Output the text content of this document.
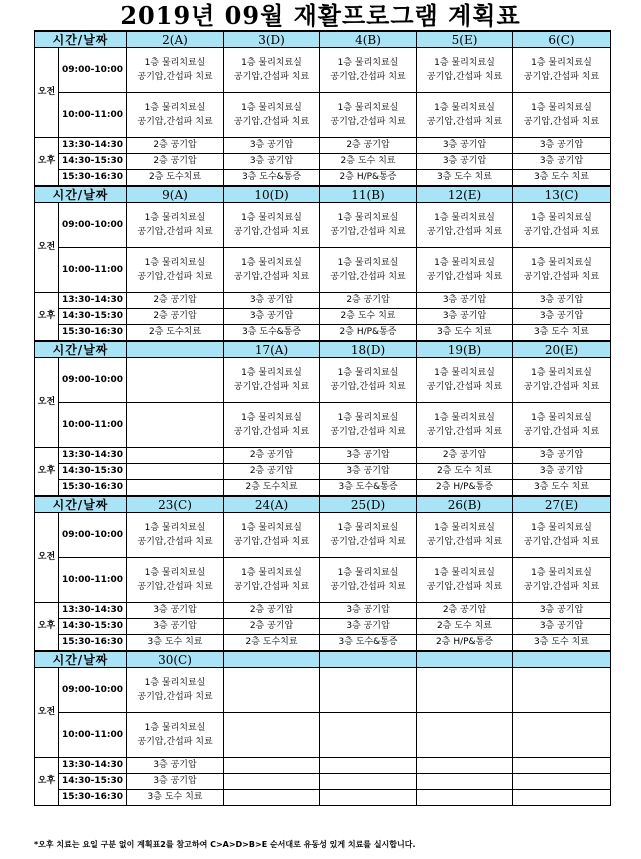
2019년 09월 재활프로그램 계획표
시간/날짜		2(A)	3(D)	4(B)	5(E)	6(C)
오전	09:00-10:00	1층 물리치료실
공기압,간섭파 치료	1층 물리치료실
공기압,간섭파 치료	1층 물리치료실
공기압,간섭파 치료	1층 물리치료실
공기압,간섭파 치료	1층 물리치료실
공기압,간섭파 치료

	10:00-11:00	1층 물리치료실
공기압,간섭파 치료	1층 물리치료실
공기압,간섭파 치료	1층 물리치료실
공기압,간섭파 치료	1층 물리치료실
공기압,간섭파 치료	1층 물리치료실
공기압,간섭파 치료

오후	13:30-14:30	2층 공기압	3층 공기압	2층 공기압	3층 공기압	3층 공기압
	14:30-15:30	2층 공기압	3층 공기압	2층 도수 치료	3층 공기압	3층 공기압
	15:30-16:30	2층 도수치료	3층 도수&통증	2층 H/P&통증	3층 도수 치료	3층 도수 치료
시간/날짜		9(A)	10(D)	11(B)	12(E)	13(C)
오전	09:00-10:00	1층 물리치료실
공기압,간섭파 치료	1층 물리치료실
공기압,간섭파 치료	1층 물리치료실
공기압,간섭파 치료	1층 물리치료실
공기압,간섭파 치료	1층 물리치료실
공기압,간섭파 치료

	10:00-11:00	1층 물리치료실
공기압,간섭파 치료	1층 물리치료실
공기압,간섭파 치료	1층 물리치료실
공기압,간섭파 치료	1층 물리치료실
공기압,간섭파 치료	1층 물리치료실
공기압,간섭파 치료

오후	13:30-14:30	2층 공기압	3층 공기압	2층 공기압	3층 공기압	3층 공기압
	14:30-15:30	2층 공기압	3층 공기압	2층 도수 치료	3층 공기압	3층 공기압
	15:30-16:30	2층 도수치료	3층 도수&통증	2층 H/P&통증	3층 도수 치료	3층 도수 치료
시간/날짜			17(A)	18(D)	19(B)	20(E)
오전	09:00-10:00		1층 물리치료실
공기압,간섭파 치료	1층 물리치료실
공기압,간섭파 치료	1층 물리치료실
공기압,간섭파 치료	1층 물리치료실
공기압,간섭파 치료

	10:00-11:00		1층 물리치료실
공기압,간섭파 치료	1층 물리치료실
공기압,간섭파 치료	1층 물리치료실
공기압,간섭파 치료	1층 물리치료실
공기압,간섭파 치료

오후	13:30-14:30		2층 공기압	3층 공기압	2층 공기압	3층 공기압
	14:30-15:30		2층 공기압	3층 공기압	2층 도수 치료	3층 공기압
	15:30-16:30		2층 도수치료	3층 도수&통증	2층 H/P&통증	3층 도수 치료
시간/날짜		23(C)	24(A)	25(D)	26(B)	27(E)
오전	09:00-10:00	1층 물리치료실
공기압,간섭파 치료	1층 물리치료실
공기압,간섭파 치료	1층 물리치료실
공기압,간섭파 치료	1층 물리치료실
공기압,간섭파 치료	1층 물리치료실
공기압,간섭파 치료

	10:00-11:00	1층 물리치료실
공기압,간섭파 치료	1층 물리치료실
공기압,간섭파 치료	1층 물리치료실
공기압,간섭파 치료	1층 물리치료실
공기압,간섭파 치료	1층 물리치료실
공기압,간섭파 치료

오후	13:30-14:30	3층 공기압	2층 공기압	3층 공기압	2층 공기압	3층 공기압
	14:30-15:30	3층 공기압	2층 공기압	3층 공기압	2층 도수 치료	3층 공기압
	15:30-16:30	3층 도수 치료	2층 도수치료	3층 도수&통증	2층 H/P&통증	3층 도수 치료
시간/날짜		30(C)				
오전	09:00-10:00	1층 물리치료실
공기압,간섭파 치료				

	10:00-11:00	1층 물리치료실
공기압,간섭파 치료				

오후	13:30-14:30	3층 공기압				
	14:30-15:30	3층 공기압				
	15:30-16:30	3층 도수 치료				
*오후 치료는 요일 구분 없이 계획표2를 참고하여 C>A>D>B>E 순서대로 유동성 있게 치료를 실시합니다.
